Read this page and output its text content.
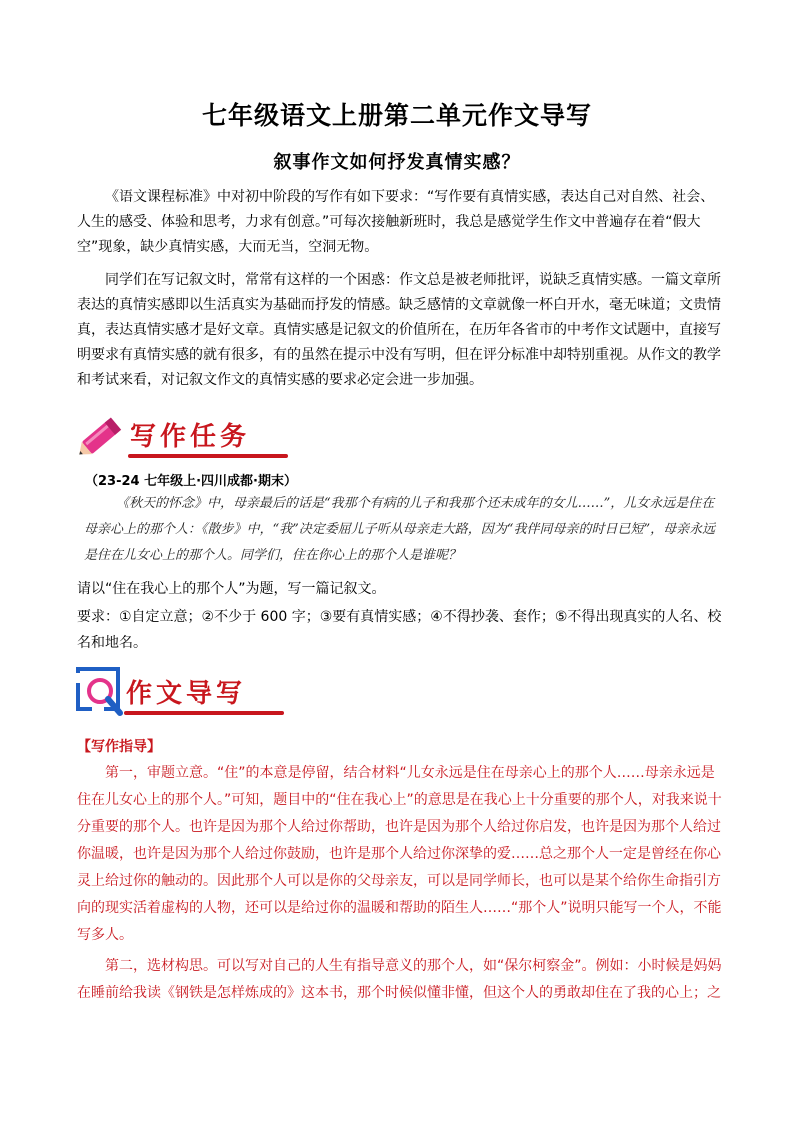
七年级语文上册第二单元作文导写
叙事作文如何抒发真情实感？

《语文课程标准》中对初中阶段的写作有如下要求：“写作要有真情实感，表达自己对自然、社会、人生的感受、体验和思考，力求有创意。”可每次接触新班时，我总是感觉学生作文中普遍存在着“假大空”现象，缺少真情实感，大而无当，空洞无物。

同学们在写记叙文时，常常有这样的一个困惑：作文总是被老师批评，说缺乏真情实感。一篇文章所表达的真情实感即以生活真实为基础而抒发的情感。缺乏感情的文章就像一杯白开水，毫无味道；文贵情真，表达真情实感才是好文章。真情实感是记叙文的价值所在，在历年各省市的中考作文试题中，直接写明要求有真情实感的就有很多，有的虽然在提示中没有写明，但在评分标准中却特别重视。从作文的教学和考试来看，对记叙文作文的真情实感的要求必定会进一步加强。

写作任务
（23-24 七年级上·四川成都·期末）

《秋天的怀念》中，母亲最后的话是“我那个有病的儿子和我那个还未成年的女儿……”，儿女永远是住在母亲心上的那个人：《散步》中，“我”决定委屈儿子听从母亲走大路，因为“我伴同母亲的时日已短”，母亲永远是住在儿女心上的那个人。同学们，住在你心上的那个人是谁呢？

请以“住在我心上的那个人”为题，写一篇记叙文。

要求：①自定立意；②不少于 600 字；③要有真情实感；④不得抄袭、套作；⑤不得出现真实的人名、校名和地名。

作文导写
【写作指导】

第一，审题立意。“住”的本意是停留，结合材料“儿女永远是住在母亲心上的那个人……母亲永远是住在儿女心上的那个人。”可知，题目中的“住在我心上”的意思是在我心上十分重要的那个人，对我来说十分重要的那个人。也许是因为那个人给过你帮助，也许是因为那个人给过你启发，也许是因为那个人给过你温暖，也许是因为那个人给过你鼓励，也许是那个人给过你深挚的爱……总之那个人一定是曾经在你心灵上给过你的触动的。因此那个人可以是你的父母亲友，可以是同学师长，也可以是某个给你生命指引方向的现实活着虚构的人物，还可以是给过你的温暖和帮助的陌生人……“那个人”说明只能写一个人，不能写多人。

第二，选材构思。可以写对自己的人生有指导意义的那个人，如“保尔柯察金”。例如：小时候是妈妈在睡前给我读《钢铁是怎样炼成的》这本书，那个时候似懂非懂，但这个人的勇敢却住在了我的心上；之
